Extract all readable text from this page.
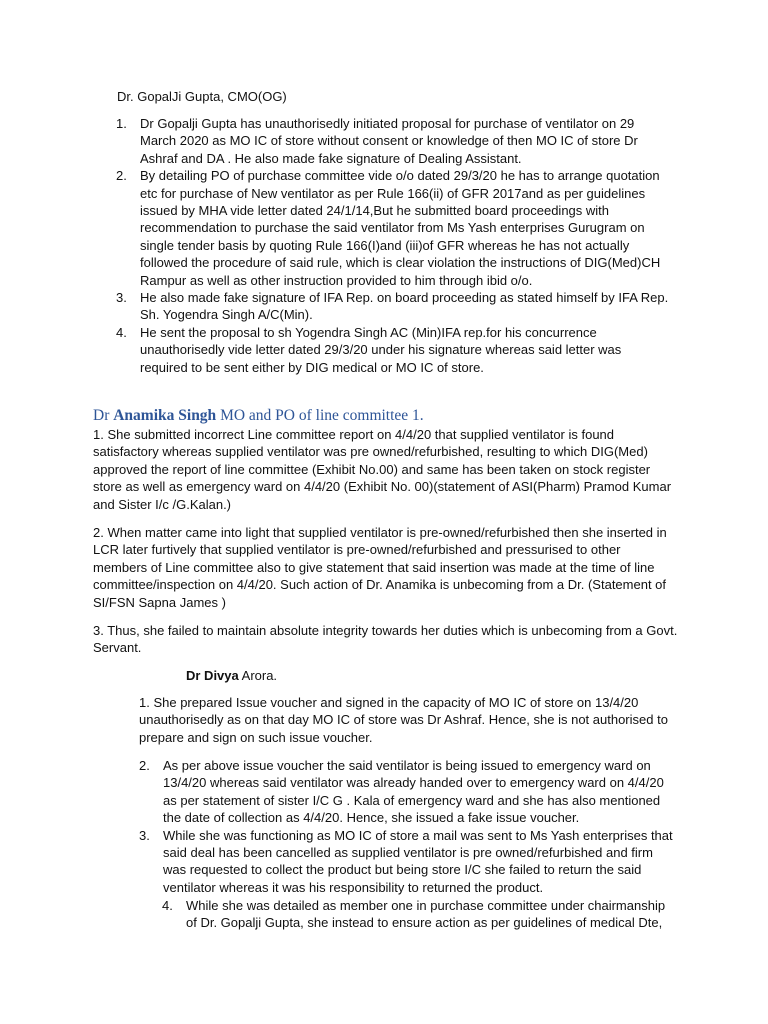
Dr. GopalJi Gupta, CMO(OG)

1. Dr Gopalji Gupta has unauthorisedly initiated proposal for purchase of ventilator on 29 March 2020 as MO IC of store without consent or knowledge of then MO IC of store Dr Ashraf and DA . He also made fake signature of Dealing Assistant.

2. By detailing PO of purchase committee vide o/o dated 29/3/20 he has to arrange quotation etc for purchase of New ventilator as per Rule 166(ii) of GFR 2017and as per guidelines issued by MHA vide letter dated 24/1/14,But he submitted board proceedings with recommendation to purchase the said ventilator from Ms Yash enterprises Gurugram on single tender basis by quoting Rule 166(I)and (iii)of GFR whereas he has not actually followed the procedure of said rule, which is clear violation the instructions of DIG(Med)CH Rampur as well as other instruction provided to him through ibid o/o.

3. He also made fake signature of IFA Rep. on board proceeding as stated himself by IFA Rep. Sh. Yogendra Singh A/C(Min).

4. He sent the proposal to sh Yogendra Singh AC (Min)IFA rep.for his concurrence unauthorisedly vide letter dated 29/3/20 under his signature whereas said letter was required to be sent either by DIG medical or MO IC of store.

Dr Anamika Singh MO and PO of line committee 1.

1. She submitted incorrect Line committee report on 4/4/20 that supplied ventilator is found satisfactory whereas supplied ventilator was pre owned/refurbished, resulting to which DIG(Med) approved the report of line committee (Exhibit No.00) and same has been taken on stock register store as well as emergency ward on 4/4/20 (Exhibit No. 00)(statement of ASI(Pharm) Pramod Kumar and Sister I/c /G.Kalan.)

2. When matter came into light that supplied ventilator is pre-owned/refurbished then she inserted in LCR later furtively that supplied ventilator is pre-owned/refurbished and pressurised to other members of Line committee also to give statement that said insertion was made at the time of line committee/inspection on 4/4/20. Such action of Dr. Anamika is unbecoming from a Dr. (Statement of SI/FSN Sapna James )

3. Thus, she failed to maintain absolute integrity towards her duties which is unbecoming from a Govt. Servant.

Dr Divya Arora.

1. She prepared Issue voucher and signed in the capacity of MO IC of store on 13/4/20 unauthorisedly as on that day MO IC of store was Dr Ashraf. Hence, she is not authorised to prepare and sign on such issue voucher.

2. As per above issue voucher the said ventilator is being issued to emergency ward on 13/4/20 whereas said ventilator was already handed over to emergency ward on 4/4/20 as per statement of sister I/C G . Kala of emergency ward and she has also mentioned the date of collection as 4/4/20. Hence, she issued a fake issue voucher.

3. While she was functioning as MO IC of store a mail was sent to Ms Yash enterprises that said deal has been cancelled as supplied ventilator is pre owned/refurbished and firm was requested to collect the product but being store I/C she failed to return the said ventilator whereas it was his responsibility to returned the product.

4. While she was detailed as member one in purchase committee under chairmanship of Dr. Gopalji Gupta, she instead to ensure action as per guidelines of medical Dte,
